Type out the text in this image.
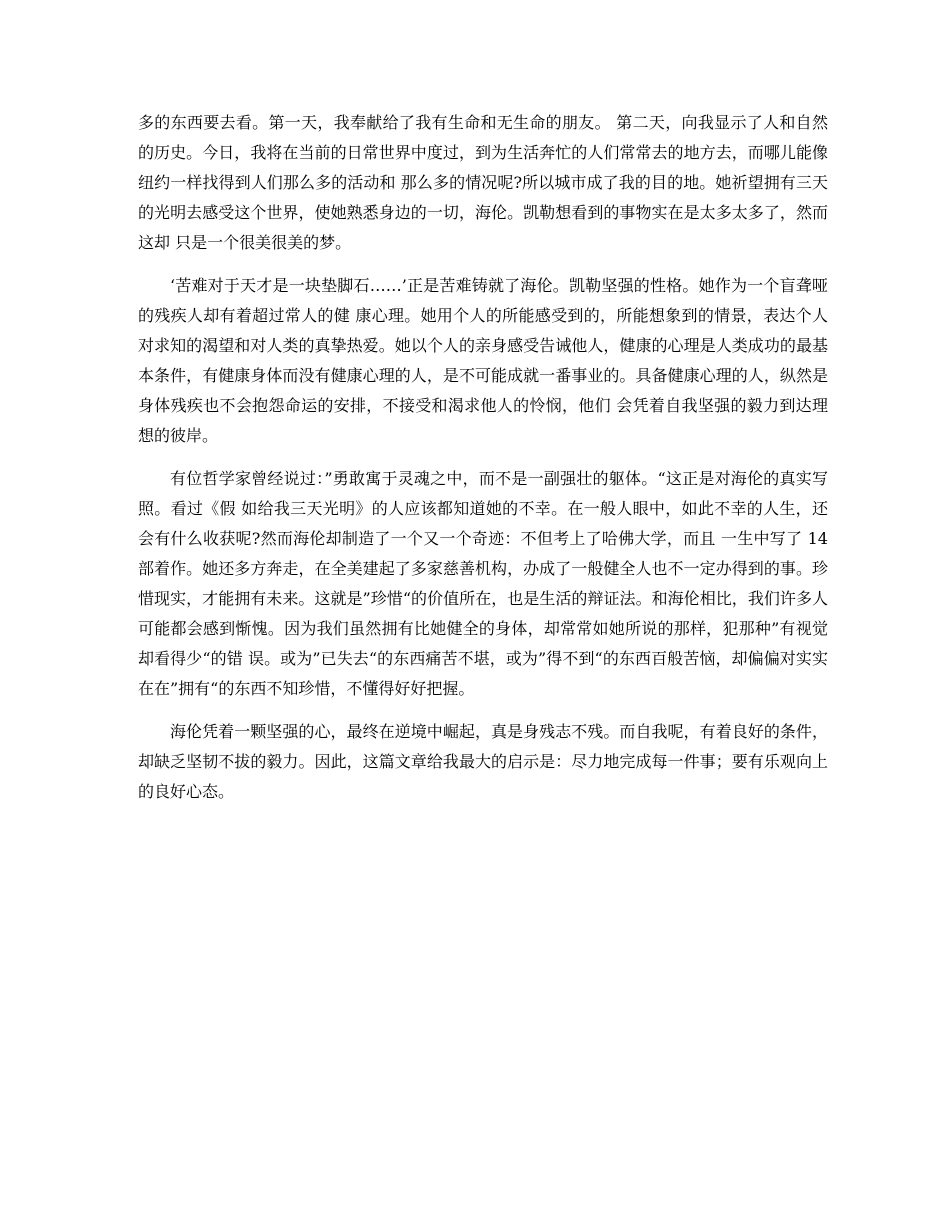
多的东西要去看。第一天，我奉献给了我有生命和无生命的朋友。 第二天，向我显示了人和自然的历史。今日，我将在当前的日常世界中度过，到为生活奔忙的人们常常去的地方去，而哪儿能像纽约一样找得到人们那么多的活动和 那么多的情况呢?所以城市成了我的目的地。她祈望拥有三天的光明去感受这个世界，使她熟悉身边的一切，海伦。凯勒想看到的事物实在是太多太多了，然而这却 只是一个很美很美的梦。

‘苦难对于天才是一块垫脚石……’正是苦难铸就了海伦。凯勒坚强的性格。她作为一个盲聋哑的残疾人却有着超过常人的健 康心理。她用个人的所能感受到的，所能想象到的情景，表达个人对求知的渴望和对人类的真挚热爱。她以个人的亲身感受告诫他人，健康的心理是人类成功的最基 本条件，有健康身体而没有健康心理的人，是不可能成就一番事业的。具备健康心理的人，纵然是身体残疾也不会抱怨命运的安排，不接受和渴求他人的怜悯，他们 会凭着自我坚强的毅力到达理想的彼岸。

有位哲学家曾经说过：”勇敢寓于灵魂之中，而不是一副强壮的躯体。“这正是对海伦的真实写照。看过《假 如给我三天光明》的人应该都知道她的不幸。在一般人眼中，如此不幸的人生，还会有什么收获呢?然而海伦却制造了一个又一个奇迹：不但考上了哈佛大学，而且 一生中写了 14 部着作。她还多方奔走，在全美建起了多家慈善机构，办成了一般健全人也不一定办得到的事。珍惜现实，才能拥有未来。这就是”珍惜“的价值所在，也是生活的辩证法。和海伦相比，我们许多人可能都会感到惭愧。因为我们虽然拥有比她健全的身体，却常常如她所说的那样，犯那种”有视觉却看得少“的错 误。或为”已失去“的东西痛苦不堪，或为”得不到“的东西百般苦恼，却偏偏对实实在在”拥有“的东西不知珍惜，不懂得好好把握。

海伦凭着一颗坚强的心，最终在逆境中崛起，真是身残志不残。而自我呢，有着良好的条件，却缺乏坚韧不拔的毅力。因此，这篇文章给我最大的启示是：尽力地完成每一件事；要有乐观向上的良好心态。
